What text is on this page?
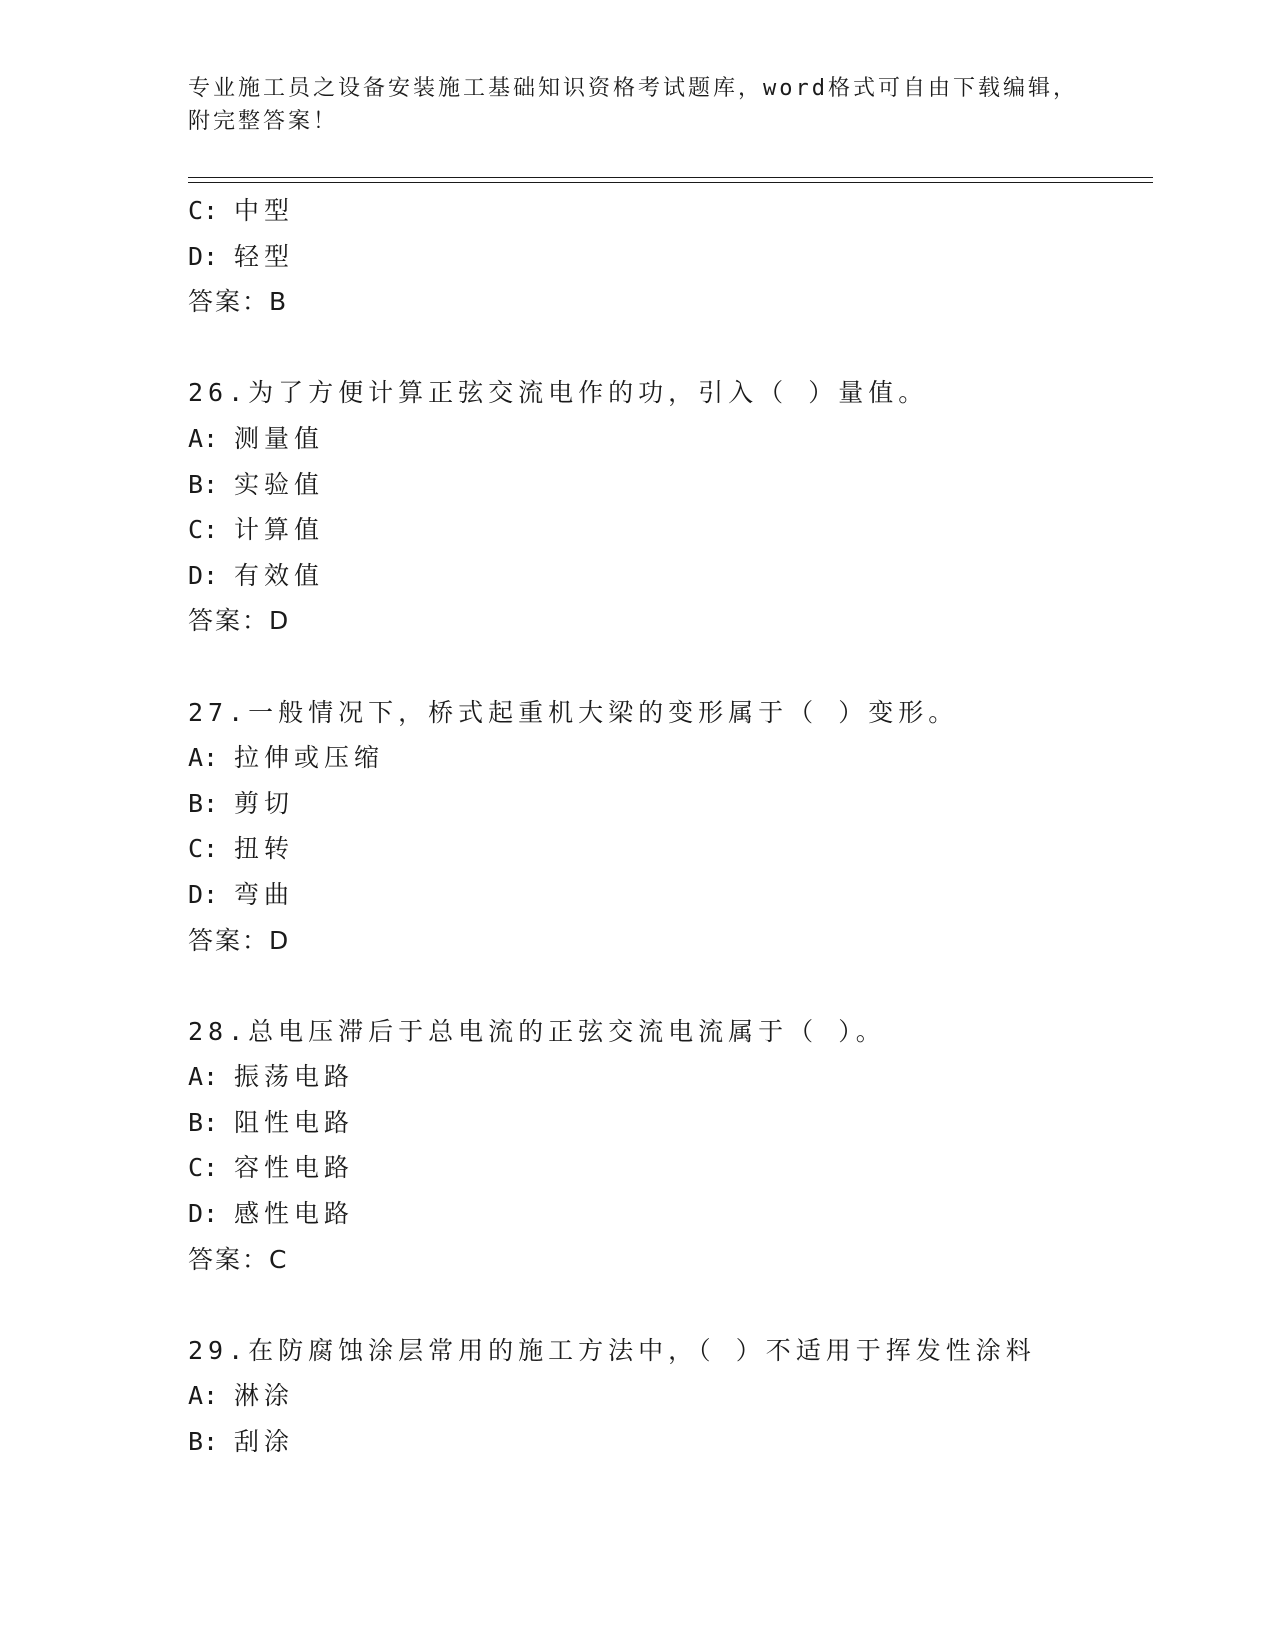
专业施工员之设备安装施工基础知识资格考试题库，word格式可自由下载编辑，
附完整答案！
C: 中型
D: 轻型
答案：B
26.为了方便计算正弦交流电作的功，引入（ ）量值。
A: 测量值
B: 实验值
C: 计算值
D: 有效值
答案：D
27.一般情况下，桥式起重机大梁的变形属于（ ）变形。
A: 拉伸或压缩
B: 剪切
C: 扭转
D: 弯曲
答案：D
28.总电压滞后于总电流的正弦交流电流属于（ ）。
A: 振荡电路
B: 阻性电路
C: 容性电路
D: 感性电路
答案：C
29.在防腐蚀涂层常用的施工方法中，（ ）不适用于挥发性涂料
A: 淋涂
B: 刮涂
